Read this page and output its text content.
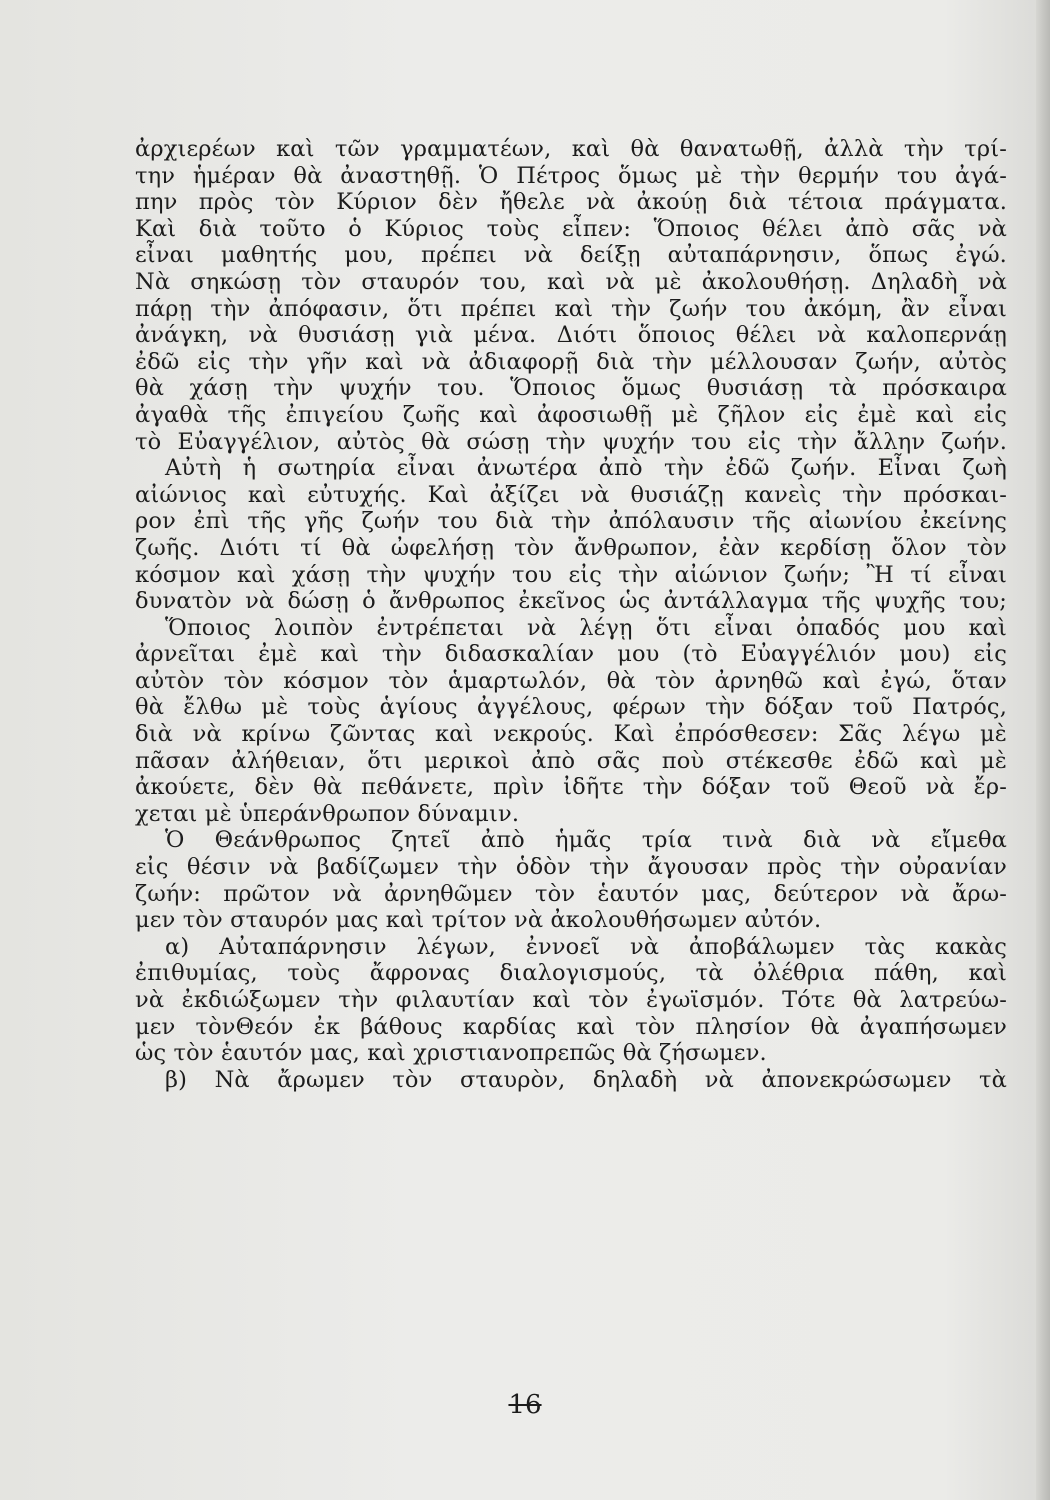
ἀρχιερέων καὶ τῶν γραμματέων, καὶ θὰ θανατωθῇ, ἀλλὰ τὴν τρί-
την ἡμέραν θὰ ἀναστηθῇ. Ὁ Πέτρος ὅμως μὲ τὴν θερμήν του ἀγά-
πην πρὸς τὸν Κύριον δὲν ἤθελε νὰ ἀκούῃ διὰ τέτοια πράγματα.
Καὶ διὰ τοῦτο ὁ Κύριος τοὺς εἶπεν: Ὅποιος θέλει ἀπὸ σᾶς νὰ
εἶναι μαθητής μου, πρέπει νὰ δείξῃ αὐταπάρνησιν, ὅπως ἐγώ.
Νὰ σηκώσῃ τὸν σταυρόν του, καὶ νὰ μὲ ἀκολουθήσῃ. Δηλαδὴ νὰ
πάρῃ τὴν ἀπόφασιν, ὅτι πρέπει καὶ τὴν ζωήν του ἀκόμη, ἂν εἶναι
ἀνάγκη, νὰ θυσιάσῃ γιὰ μένα. Διότι ὅποιος θέλει νὰ καλοπερνάῃ
ἐδῶ εἰς τὴν γῆν καὶ νὰ ἀδιαφορῇ διὰ τὴν μέλλουσαν ζωήν, αὐτὸς
θὰ χάσῃ τὴν ψυχήν του. Ὅποιος ὅμως θυσιάσῃ τὰ πρόσκαιρα
ἀγαθὰ τῆς ἐπιγείου ζωῆς καὶ ἀφοσιωθῇ μὲ ζῆλον εἰς ἐμὲ καὶ εἰς
τὸ Εὐαγγέλιον, αὐτὸς θὰ σώσῃ τὴν ψυχήν του εἰς τὴν ἄλλην ζωήν.
Αὐτὴ ἡ σωτηρία εἶναι ἀνωτέρα ἀπὸ τὴν ἐδῶ ζωήν. Εἶναι ζωὴ
αἰώνιος καὶ εὐτυχής. Καὶ ἀξίζει νὰ θυσιάζῃ κανεὶς τὴν πρόσκαι-
ρον ἐπὶ τῆς γῆς ζωήν του διὰ τὴν ἀπόλαυσιν τῆς αἰωνίου ἐκείνης
ζωῆς. Διότι τί θὰ ὠφελήσῃ τὸν ἄνθρωπον, ἐὰν κερδίσῃ ὅλον τὸν
κόσμον καὶ χάσῃ τὴν ψυχήν του εἰς τὴν αἰώνιον ζωήν; Ἢ τί εἶναι
δυνατὸν νὰ δώσῃ ὁ ἄνθρωπος ἐκεῖνος ὡς ἀντάλλαγμα τῆς ψυχῆς του;
Ὅποιος λοιπὸν ἐντρέπεται νὰ λέγῃ ὅτι εἶναι ὀπαδός μου καὶ
ἀρνεῖται ἐμὲ καὶ τὴν διδασκαλίαν μου (τὸ Εὐαγγέλιόν μου) εἰς
αὐτὸν τὸν κόσμον τὸν ἁμαρτωλόν, θὰ τὸν ἀρνηθῶ καὶ ἐγώ, ὅταν
θὰ ἔλθω μὲ τοὺς ἁγίους ἀγγέλους, φέρων τὴν δόξαν τοῦ Πατρός,
διὰ νὰ κρίνω ζῶντας καὶ νεκρούς. Καὶ ἐπρόσθεσεν: Σᾶς λέγω μὲ
πᾶσαν ἀλήθειαν, ὅτι μερικοὶ ἀπὸ σᾶς ποὺ στέκεσθε ἐδῶ καὶ μὲ
ἀκούετε, δὲν θὰ πεθάνετε, πρὶν ἰδῆτε τὴν δόξαν τοῦ Θεοῦ νὰ ἔρ-
χεται μὲ ὑπεράνθρωπον δύναμιν.
Ὁ Θεάνθρωπος ζητεῖ ἀπὸ ἡμᾶς τρία τινὰ διὰ νὰ εἴμεθα
εἰς θέσιν νὰ βαδίζωμεν τὴν ὁδὸν τὴν ἄγουσαν πρὸς τὴν οὐρανίαν
ζωήν: πρῶτον νὰ ἀρνηθῶμεν τὸν ἑαυτόν μας, δεύτερον νὰ ἄρω-
μεν τὸν σταυρόν μας καὶ τρίτον νὰ ἀκολουθήσωμεν αὐτόν.
α) Αὐταπάρνησιν λέγων, ἐννοεῖ νὰ ἀποβάλωμεν τὰς κακὰς
ἐπιθυμίας, τοὺς ἄφρονας διαλογισμούς, τὰ ὀλέθρια πάθη, καὶ
νὰ ἐκδιώξωμεν τὴν φιλαυτίαν καὶ τὸν ἐγωϊσμόν. Τότε θὰ λατρεύω-
μεν τὸνΘεόν ἐκ βάθους καρδίας καὶ τὸν πλησίον θὰ ἀγαπήσωμεν
ὡς τὸν ἑαυτόν μας, καὶ χριστιανοπρεπῶς θὰ ζήσωμεν.
β) Νὰ ἄρωμεν τὸν σταυρὸν, δηλαδὴ νὰ ἀπονεκρώσωμεν τὰ
16
